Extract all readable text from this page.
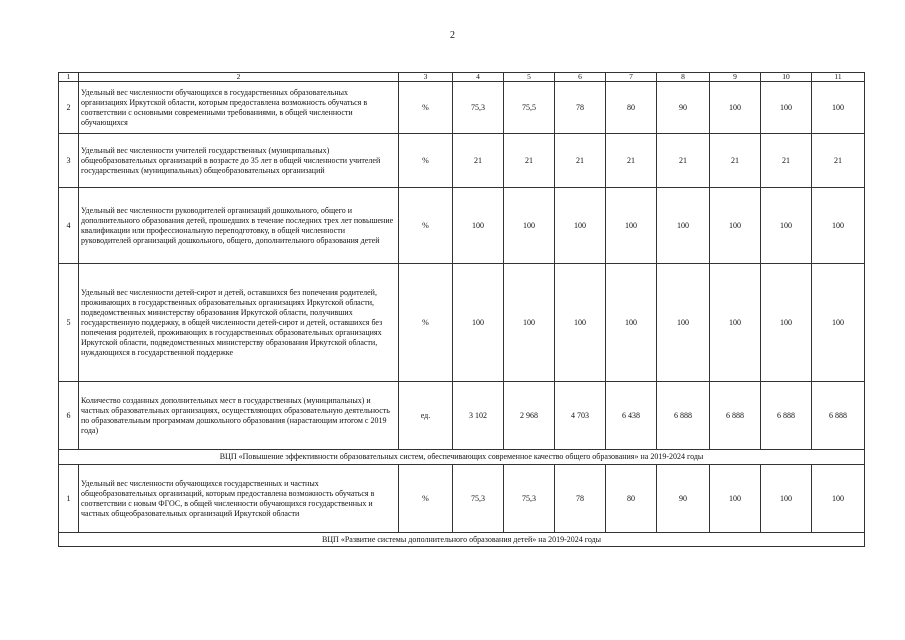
2
1	2	3	4	5	6	7	8	9	10	11
2	Удельный вес численности обучающихся в государственных образовательных организациях Иркутской области, которым предоставлена возможность обучаться в соответствии с основными современными требованиями, в общей численности обучающихся	%	75,3	75,5	78	80	90	100	100	100
3	Удельный вес численности учителей государственных (муниципальных) общеобразовательных организаций в возрасте до 35 лет в общей численности учителей государственных (муниципальных) общеобразовательных организаций	%	21	21	21	21	21	21	21	21
4	Удельный вес численности руководителей организаций дошкольного, общего и дополнительного образования детей, прошедших в течение последних трех лет повышение квалификации или профессиональную переподготовку, в общей численности руководителей организаций дошкольного, общего, дополнительного образования детей	%	100	100	100	100	100	100	100	100
5	Удельный вес численности детей-сирот и детей, оставшихся без попечения родителей, проживающих в государственных образовательных организациях Иркутской области, подведомственных министерству образования Иркутской области, получивших государственную поддержку, в общей численности детей-сирот и детей, оставшихся без попечения родителей, проживающих в государственных образовательных организациях Иркутской области, подведомственных министерству образования Иркутской области, нуждающихся в государственной поддержке	%	100	100	100	100	100	100	100	100
6	Количество созданных дополнительных мест в государственных (муниципальных) и частных образовательных организациях, осуществляющих образовательную деятельность по образовательным программам дошкольного образования (нарастающим итогом с 2019 года)	ед.	3 102	2 968	4 703	6 438	6 888	6 888	6 888	6 888
ВЦП «Повышение эффективности образовательных систем, обеспечивающих современное качество общего образования» на 2019-2024 годы										
1	Удельный вес численности обучающихся государственных и частных общеобразовательных организаций, которым предоставлена возможность обучаться в соответствии с новым ФГОС, в общей численности обучающихся государственных и частных общеобразовательных организаций Иркутской области	%	75,3	75,3	78	80	90	100	100	100
ВЦП «Развитие системы дополнительного образования детей» на 2019-2024 годы										
